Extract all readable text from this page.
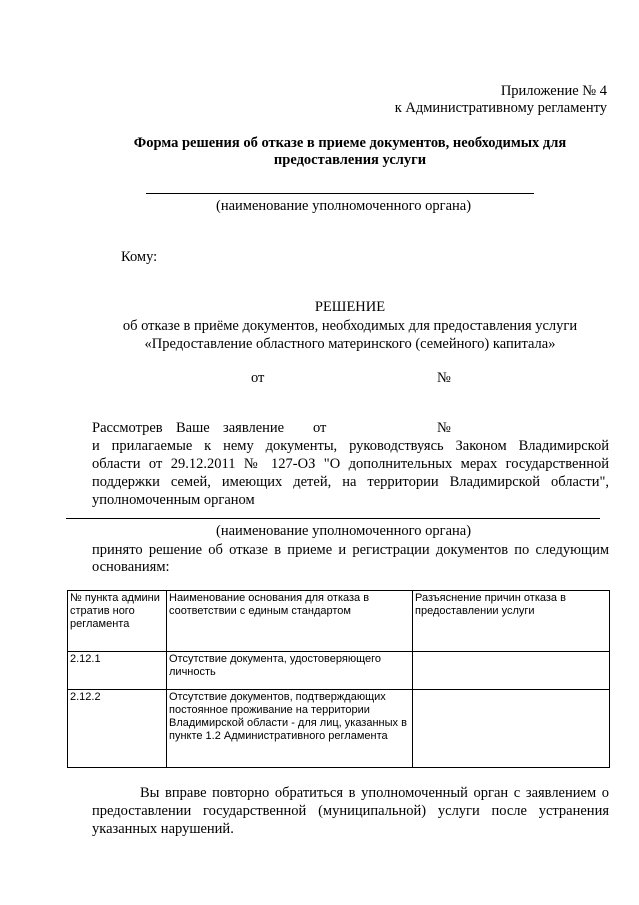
Приложение № 4
к Административному регламенту
Форма решения об отказе в приеме документов, необходимых для предоставления услуги
(наименование уполномоченного органа)
Кому:
РЕШЕНИЕ
об отказе в приёме документов, необходимых для предоставления услуги
«Предоставление областного материнского (семейного) капитала»
от	№
Рассмотрев Ваше заявление от	№
и прилагаемые к нему документы, руководствуясь Законом Владимирской
области от 29.12.2011 № 127-ОЗ "О дополнительных мерах государственной
поддержки семей, имеющих детей, на территории Владимирской области",
уполномоченным органом
(наименование уполномоченного органа)
принято решение об отказе в приеме и регистрации документов по следующим
основаниям:
№ пункта админи стратив ного регламента	Наименование основания для отказа в соответствии с единым стандартом	Разъяснение причин отказа в предоставлении услуги
2.12.1	Отсутствие документа, удостоверяющего личность	
2.12.2	Отсутствие документов, подтверждающих постоянное проживание на территории Владимирской области - для лиц, указанных в пункте 1.2 Административного регламента	
Вы вправе повторно обратиться в уполномоченный орган с заявлением о
предоставлении государственной (муниципальной) услуги после устранения
указанных нарушений.
